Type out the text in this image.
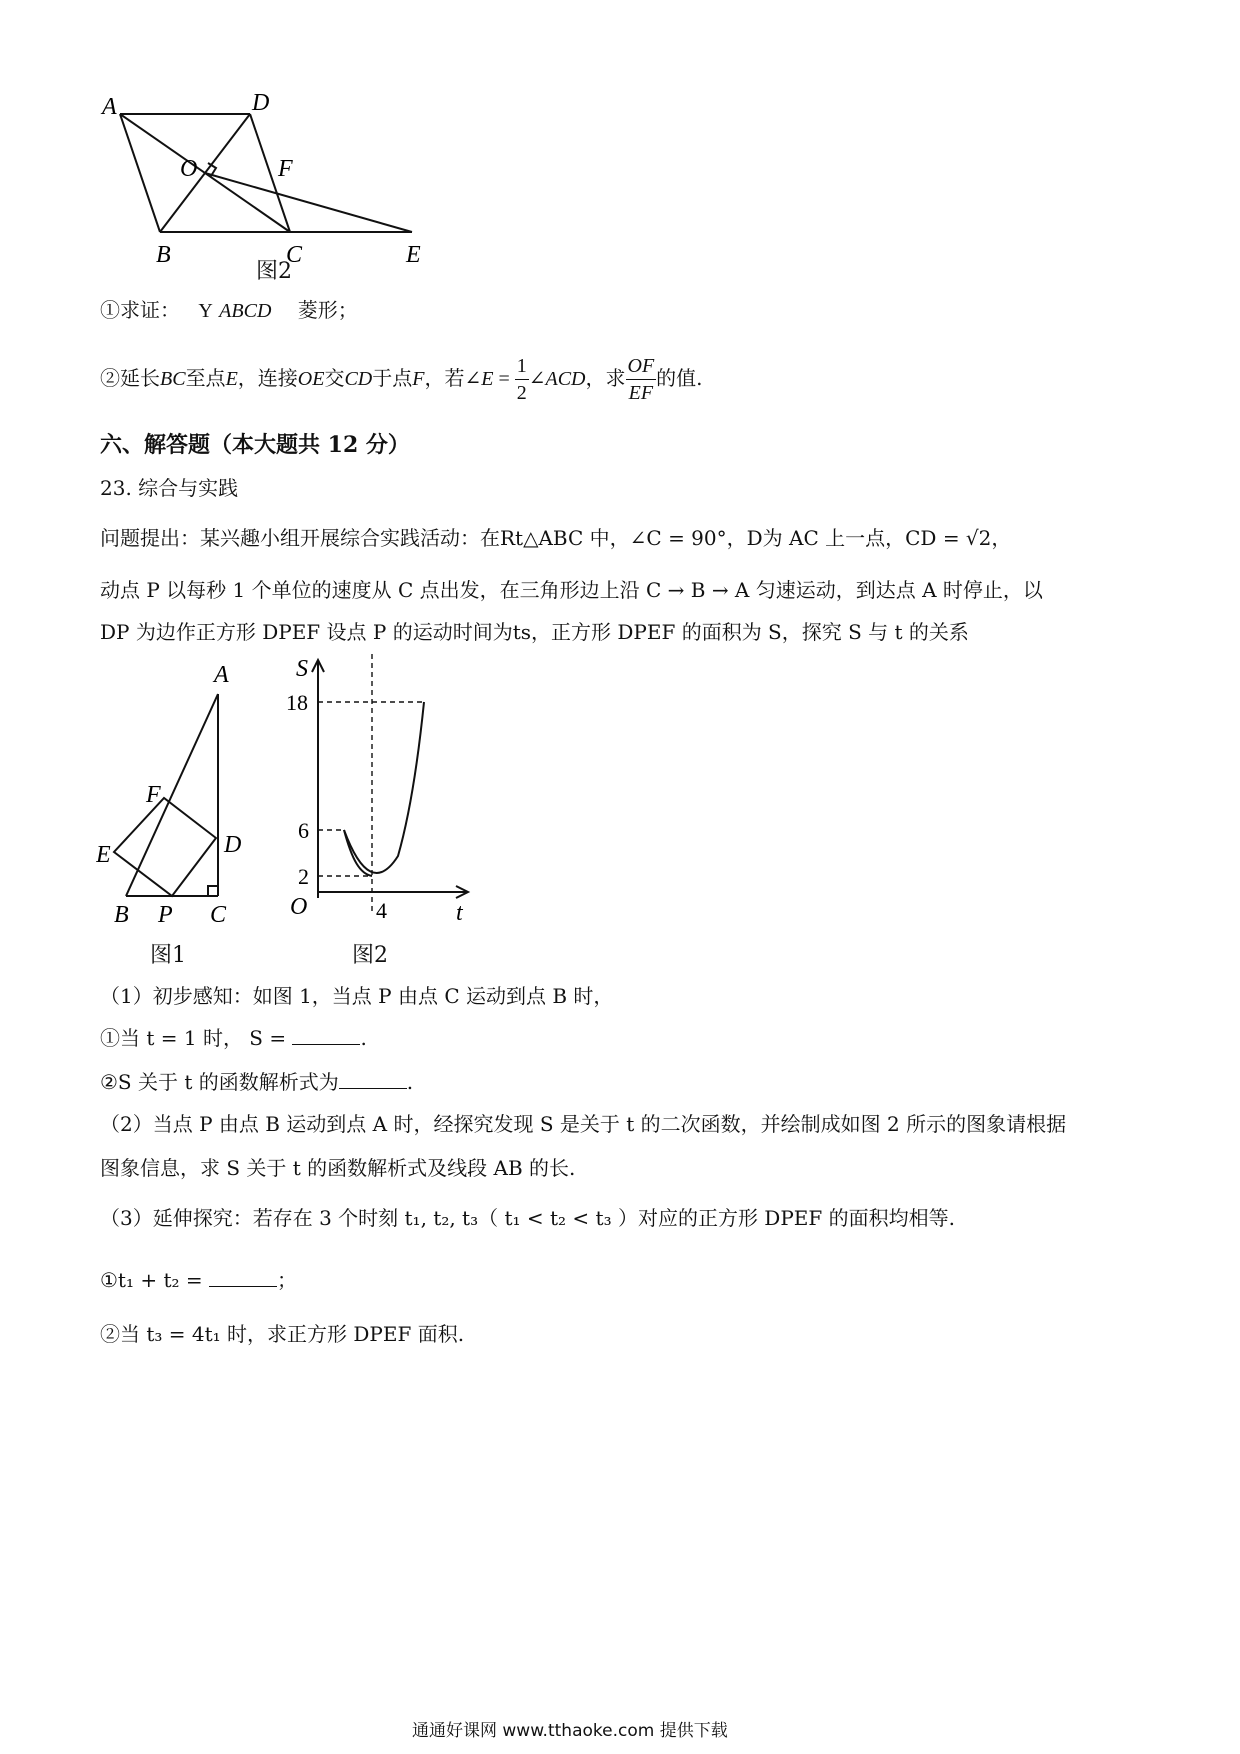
A	D
O	F
B	C	E
图2
①求证： Y ABCD 菱形；
②延长BC至点E，连接OE交CD于点F，若∠E = $\frac{1}{2}$ ∠ACD，求 $\frac{OF}{EF}$ 的值.
六、解答题（本大题共 12 分）
23. 综合与实践
问题提出：某兴趣小组开展综合实践活动：在Rt△ABC 中，∠C = 90°，D为 AC 上一点，CD = √2，
动点 P 以每秒 1 个单位的速度从 C 点出发，在三角形边上沿 C → B → A 匀速运动，到达点 A 时停止，以
DP 为边作正方形 DPEF 设点 P 的运动时间为ts，正方形 DPEF 的面积为 S，探究 S 与 t 的关系
A
F
E	D
B P C
图1
S
t
O
18
6
2
4
图2
（1）初步感知：如图 1，当点 P 由点 C 运动到点 B 时，
①当 t = 1 时， S =	.
②S 关于 t 的函数解析式为	.
（2）当点 P 由点 B 运动到点 A 时，经探究发现 S 是关于 t 的二次函数，并绘制成如图 2 所示的图象请根据
图象信息，求 S 关于 t 的函数解析式及线段 AB 的长.
（3）延伸探究：若存在 3 个时刻 t₁, t₂, t₃（ t₁ < t₂ < t₃ ）对应的正方形 DPEF 的面积均相等.
①t₁ + t₂ =	；
②当 t₃ = 4t₁ 时，求正方形 DPEF 面积.
通通好课网 www.tthaoke.com 提供下载
